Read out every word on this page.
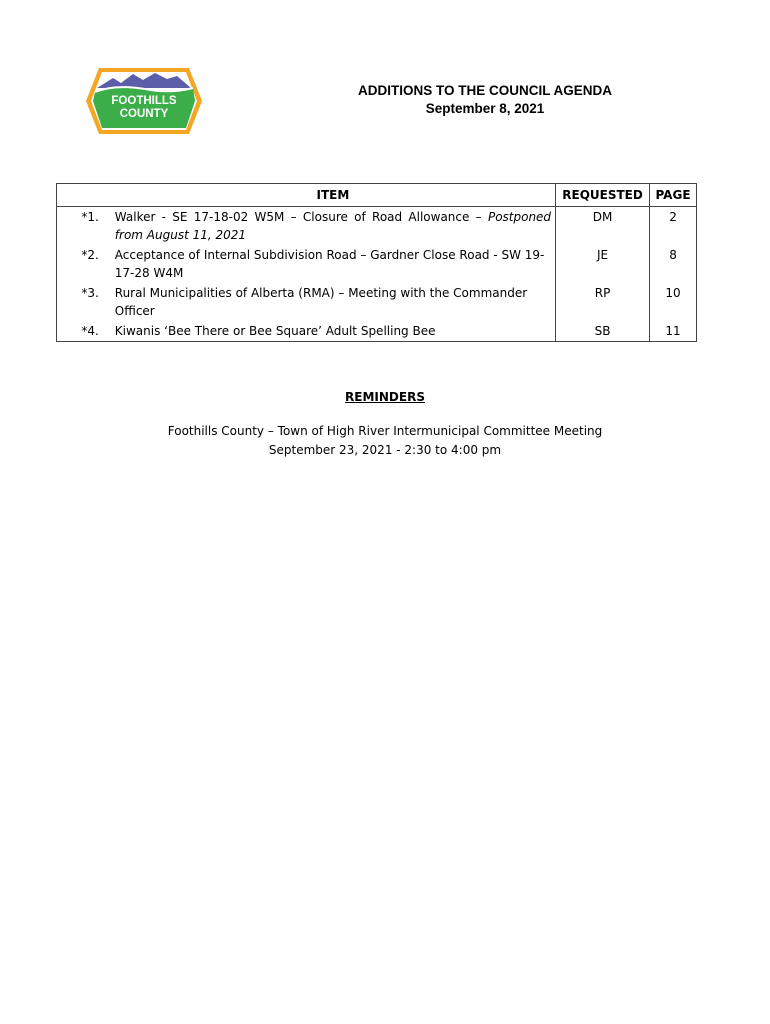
FOOTHILLS
COUNTY
ADDITIONS TO THE COUNCIL AGENDA
September 8, 2021
	ITEM	REQUESTED	PAGE
*1.	Walker - SE 17-18-02 W5M – Closure of Road Allowance – Postponed from August 11, 2021	DM	2
*2.	Acceptance of Internal Subdivision Road – Gardner Close Road - SW 19-17-28 W4M	JE	8
*3.	Rural Municipalities of Alberta (RMA) – Meeting with the Commander Officer	RP	10
*4.	Kiwanis ‘Bee There or Bee Square’ Adult Spelling Bee	SB	11
REMINDERS
Foothills County – Town of High River Intermunicipal Committee Meeting
September 23, 2021 - 2:30 to 4:00 pm
